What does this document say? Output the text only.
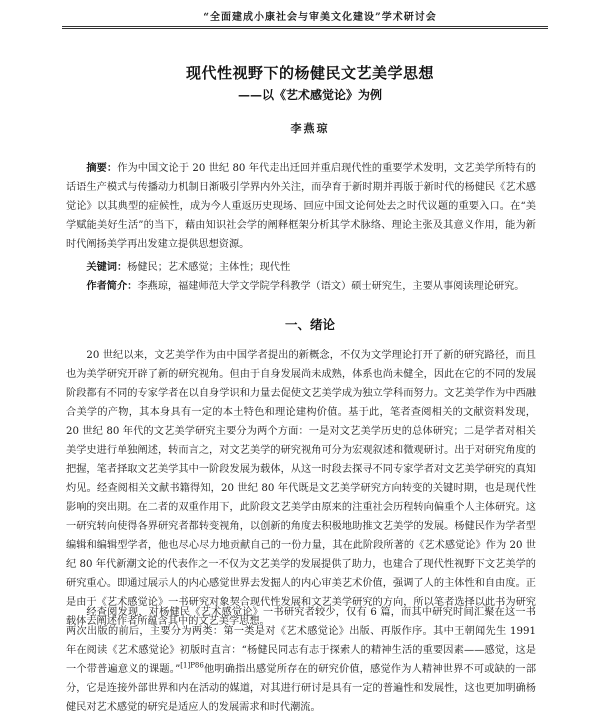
“全面建成小康社会与审美文化建设”学术研讨会
现代性视野下的杨健民文艺美学思想
——以《艺术感觉论》为例
李燕琼
摘要：作为中国文论于 20 世纪 80 年代走出迁回并重启现代性的重要学术发明，文艺美学所特有的话语生产模式与传播动力机制日渐吸引学界内外关注，而孕育于新时期并再版于新时代的杨健民《艺术感觉论》以其典型的症候性，成为今人重返历史现场、回应中国文论何处去之时代议题的重要入口。在“美学赋能美好生活”的当下，藉由知识社会学的阐释框架分析其学术脉络、理论主张及其意义作用，能为新时代阐扬美学再出发建立提供思想资源。
关键词：杨健民；艺术感觉；主体性；现代性
作者简介：李燕琼，福建师范大学文学院学科教学（语文）硕士研究生，主要从事阅读理论研究。
一、绪论

20 世纪以来，文艺美学作为由中国学者提出的新概念，不仅为文学理论打开了新的研究路径，而且也为美学研究开辟了新的研究视角。但由于自身发展尚未成熟，体系也尚未健全，因此在它的不同的发展阶段都有不同的专家学者在以自身学识和力量去促使文艺美学成为独立学科而努力。文艺美学作为中西融合美学的产物，其本身具有一定的本土特色和理论建构价值。基于此，笔者查阅相关的文献资料发现，20 世纪 80 年代的文艺美学研究主要分为两个方面：一是对文艺美学历史的总体研究；二是学者对相关美学史进行单独阐述，转而言之，对文艺美学的研究视角可分为宏观叙述和微观研讨。出于对研究角度的把握，笔者择取文艺美学其中一阶段发展为载体，从这一时段去探寻不同专家学者对文艺美学研究的真知灼见。经查阅相关文献书籍得知，20 世纪 80 年代既是文艺美学研究方向转变的关键时期，也是现代性影响的突出期。在二者的双重作用下，此阶段文艺美学由原来的注重社会历程转向偏重个人主体研究。这一研究转向使得各界研究者都转变视角，以创新的角度去积极地助推文艺美学的发展。杨健民作为学者型编辑和编辑型学者，他也尽心尽力地贡献自己的一份力量，其在此阶段所著的《艺术感觉论》作为 20 世纪 80 年代新潮文论的代表作之一不仅为文艺美学的发展提供了助力，也建合了现代性视野下文艺美学的研究重心。即通过展示人的内心感觉世界去发掘人的内心审美艺术价值，强调了人的主体性和自由度。正是由于《艺术感觉论》一书研究对象契合现代性发展和文艺美学研究的方向，所以笔者选择以此书为研究载体去阐述作者所蕴含其中的文艺美学思想。

经查阅发现，对杨健民《艺术感觉论》一书研究者较少，仅有 6 篇，而其中研究时间汇聚在这一书两次出版的前后，主要分为两类：第一类是对《艺术感觉论》出版、再版作序。其中王朝闻先生 1991 年在阅读《艺术感觉论》初版时直言：“杨健民同志有志于探索人的精神生活的重要因素——感觉，这是一个带普遍意义的课题。”$^{[1]P86}$他明确指出感觉所存在的研究价值，感觉作为人精神世界不可或缺的一部分，它是连接外部世界和内在活动的媒道，对其进行研讨是具有一定的普遍性和发展性，这也更加明确杨健民对艺术感觉的研究是适应人的发展需求和时代潮流。
